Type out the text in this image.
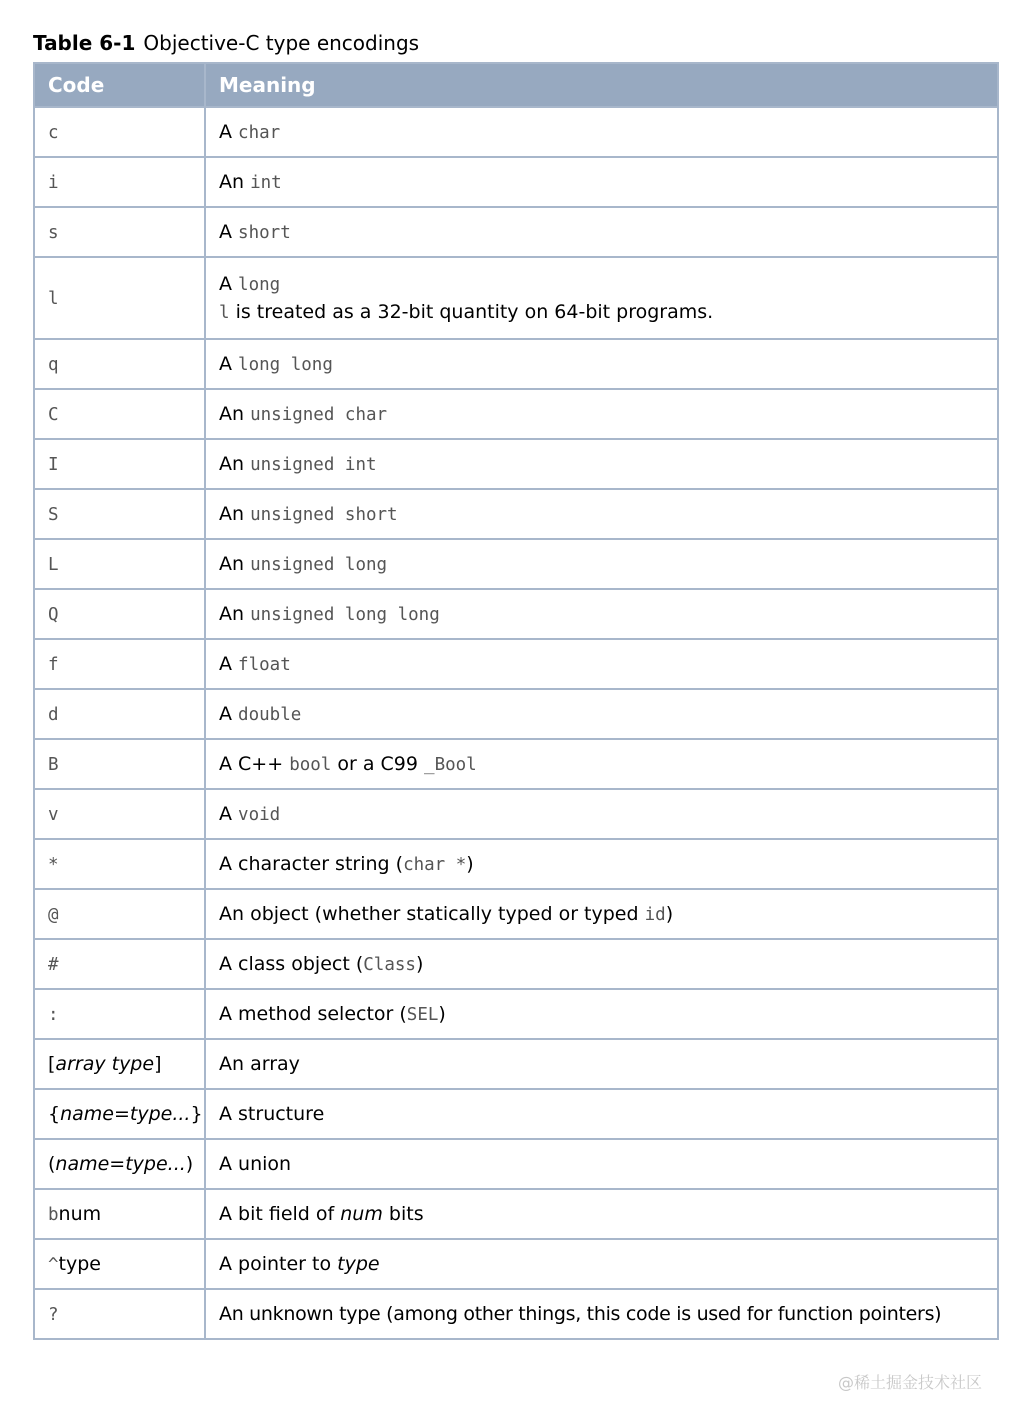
Table 6-1 Objective-C type encodings
Code	Meaning
c	A char
i	An int
s	A short
l	A long
l is treated as a 32-bit quantity on 64-bit programs.

q	A long long
C	An unsigned char
I	An unsigned int
S	An unsigned short
L	An unsigned long
Q	An unsigned long long
f	A float
d	A double
B	A C++ bool or a C99 _Bool
v	A void
*	A character string (char *)
@	An object (whether statically typed or typed id)
#	A class object (Class)
:	A method selector (SEL)
[array type]	An array
{name=type...}	A structure
(name=type...)	A union
bnum	A bit field of num bits
^type	A pointer to type
?	An unknown type (among other things, this code is used for function pointers)
@稀土掘金技术社区
